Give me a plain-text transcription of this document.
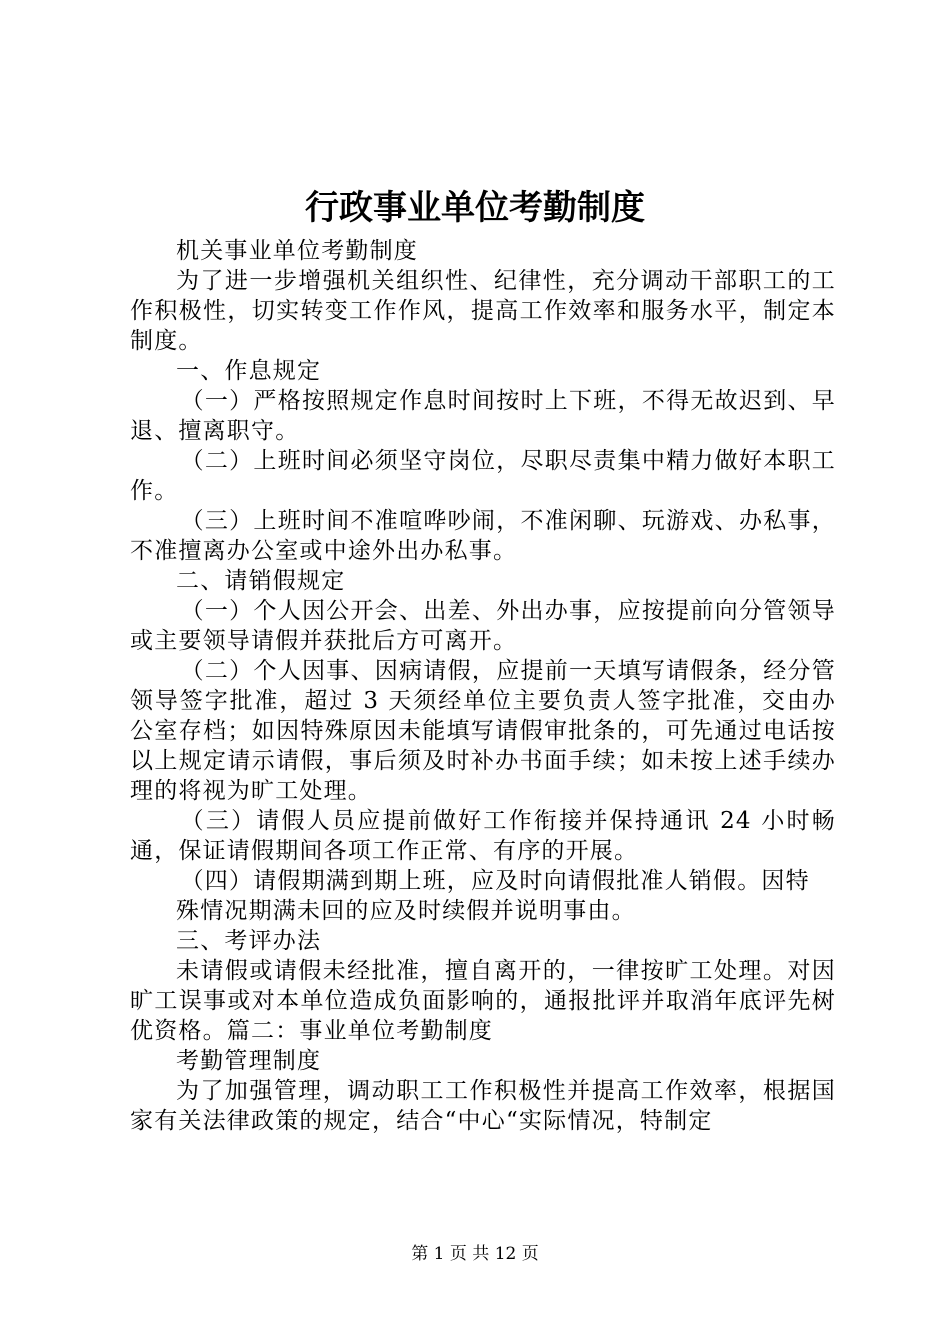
行政事业单位考勤制度

机关事业单位考勤制度

为了进一步增强机关组织性、纪律性，充分调动干部职工的工作积极性，切实转变工作作风，提高工作效率和服务水平，制定本制度。

一、作息规定

（一）严格按照规定作息时间按时上下班，不得无故迟到、早退、擅离职守。

（二）上班时间必须坚守岗位，尽职尽责集中精力做好本职工作。

（三）上班时间不准喧哗吵闹，不准闲聊、玩游戏、办私事，不准擅离办公室或中途外出办私事。

二、请销假规定

（一）个人因公开会、出差、外出办事，应按提前向分管领导或主要领导请假并获批后方可离开。

（二）个人因事、因病请假，应提前一天填写请假条，经分管领导签字批准，超过 3 天须经单位主要负责人签字批准，交由办公室存档；如因特殊原因未能填写请假审批条的，可先通过电话按以上规定请示请假，事后须及时补办书面手续；如未按上述手续办理的将视为旷工处理。

（三）请假人员应提前做好工作衔接并保持通讯 24 小时畅通，保证请假期间各项工作正常、有序的开展。

（四）请假期满到期上班，应及时向请假批准人销假。因特

殊情况期满未回的应及时续假并说明事由。

三、考评办法

未请假或请假未经批准，擅自离开的，一律按旷工处理。对因旷工误事或对本单位造成负面影响的，通报批评并取消年底评先树优资格。篇二：事业单位考勤制度

考勤管理制度

为了加强管理，调动职工工作积极性并提高工作效率，根据国家有关法律政策的规定，结合“中心“实际情况，特制定

第 1 页 共 12 页
